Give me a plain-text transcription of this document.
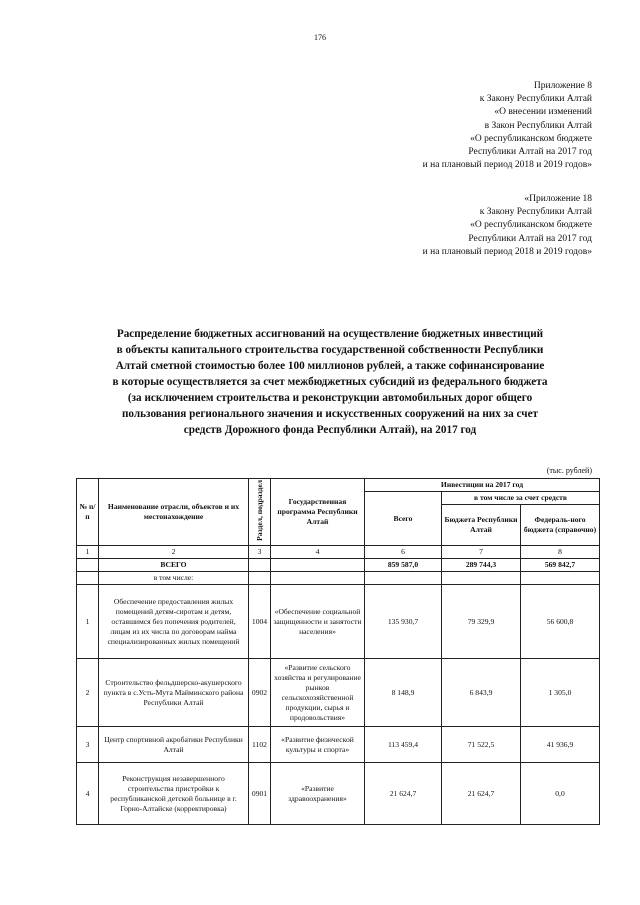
176
Приложение 8
к Закону Республики Алтай
«О внесении изменений
в Закон Республики Алтай
«О республиканском бюджете
Республики Алтай на 2017 год
и на плановый период 2018 и 2019 годов»
«Приложение 18
к Закону Республики Алтай
«О республиканском бюджете
Республики Алтай на 2017 год
и на плановый период 2018 и 2019 годов»
Распределение бюджетных ассигнований на осуществление бюджетных инвестиций
в объекты капитального строительства государственной собственности Республики
Алтай сметной стоимостью более 100 миллионов рублей, а также софинансирование
в которые осуществляется за счет межбюджетных субсидий из федерального бюджета
(за исключением строительства и реконструкции автомобильных дорог общего
пользования регионального значения и искусственных сооружений на них за счет
средств Дорожного фонда Республики Алтай), на 2017 год
(тыс. рублей)
№ п/п	Наименование отрасли, объектов и их местонахождение	Раздел, подраздел	Государственная программа Республики Алтай	Инвестиции на 2017 год		
				Всего	в том числе за счет средств	
					Бюджета Республики Алтай	Федераль-ного бюджета (справочно)
1	2	3	4	6	7	8
	ВСЕГО			859 587,0	289 744,3	569 842,7
	в том числе:					
1	Обеспечение предоставления жилых помещений детям-сиротам и детям, оставшимся без попечения родителей, лицам из их числа по договорам найма специализированных жилых помещений	1004	«Обеспечение социальной защищенности и занятости населения»	135 930,7	79 329,9	56 600,8
2	Строительство фельдшерско-акушерского пункта в с.Усть-Мута Майминского района Республики Алтай	0902	«Развитие сельского хозяйства и регулирование рынков сельскохозяйственной продукции, сырья и продовольствия»	8 148,9	6 843,9	1 305,0
3	Центр спортивной акробатики Республики Алтай	1102	«Развитие физической культуры и спорта»	113 459,4	71 522,5	41 936,9
4	Реконструкция незавершенного строительства пристройки к республиканской детской больнице в г. Горно-Алтайске (корректировка)	0901	«Развитие здравоохранения»	21 624,7	21 624,7	0,0
